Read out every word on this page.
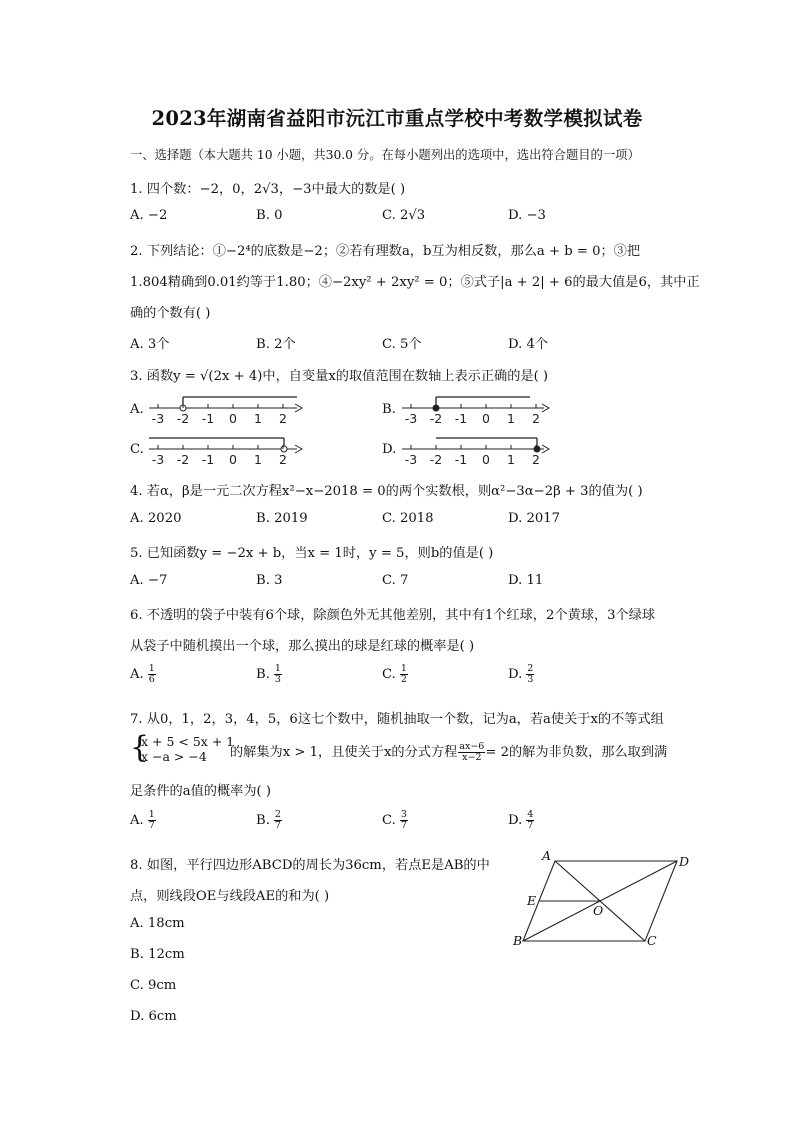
2023年湖南省益阳市沅江市重点学校中考数学模拟试卷
一、选择题（本大题共 10 小题，共30.0 分。在每小题列出的选项中，选出符合题目的一项）
1. 四个数：−2，0，2√3，−3中最大的数是( )
A. −2	B. 0	C. 2√3	D. −3
2. 下列结论：①−2⁴的底数是−2；②若有理数a，b互为相反数，那么a + b = 0；③把
1.804精确到0.01约等于1.80；④−2xy² + 2xy² = 0；⑤式子|a + 2| + 6的最大值是6，其中正
确的个数有( )
A. 3个	B. 2个	C. 5个	D. 4个
3. 函数y = √(2x + 4)中，自变量x的取值范围在数轴上表示正确的是( )
A.	B.
C.	D.
-3 -2 -1 0 1 2	-3 -2 -1 0 1 2
-3 -2 -1 0 1 2	-3 -2 -1 0 1 2
4. 若α，β是一元二次方程x²−x−2018 = 0的两个实数根，则α²−3α−2β + 3的值为( )
A. 2020	B. 2019	C. 2018	D. 2017
5. 已知函数y = −2x + b，当x = 1时，y = 5，则b的值是( )
A. −7	B. 3	C. 7	D. 11
6. 不透明的袋子中装有6个球，除颜色外无其他差别，其中有1个红球，2个黄球，3个绿球
从袋子中随机摸出一个球，那么摸出的球是红球的概率是( )
A. $\frac{1}{6}$	B. $\frac{1}{3}$	C. $\frac{1}{2}$	D. $\frac{2}{3}$
7. 从0，1，2，3，4，5，6这七个数中，随机抽取一个数，记为a，若a使关于x的不等式组
{
x + 5 < 5x + 1
x −a > −4 的解集为x > 1，且使关于x的分式方程 $\frac{ax-6}{x-2} = 2$的解为非负数，那么取到满
足条件的a值的概率为( )
A. $\frac{1}{7}$	B. $\frac{2}{7}$	C. $\frac{3}{7}$	D. $\frac{4}{7}$
8. 如图，平行四边形ABCD的周长为36cm，若点E是AB的中
点，则线段OE与线段AE的和为( )
A. 18cm
B. 12cm
C. 9cm
D. 6cm
A	D
E
O
B	C
